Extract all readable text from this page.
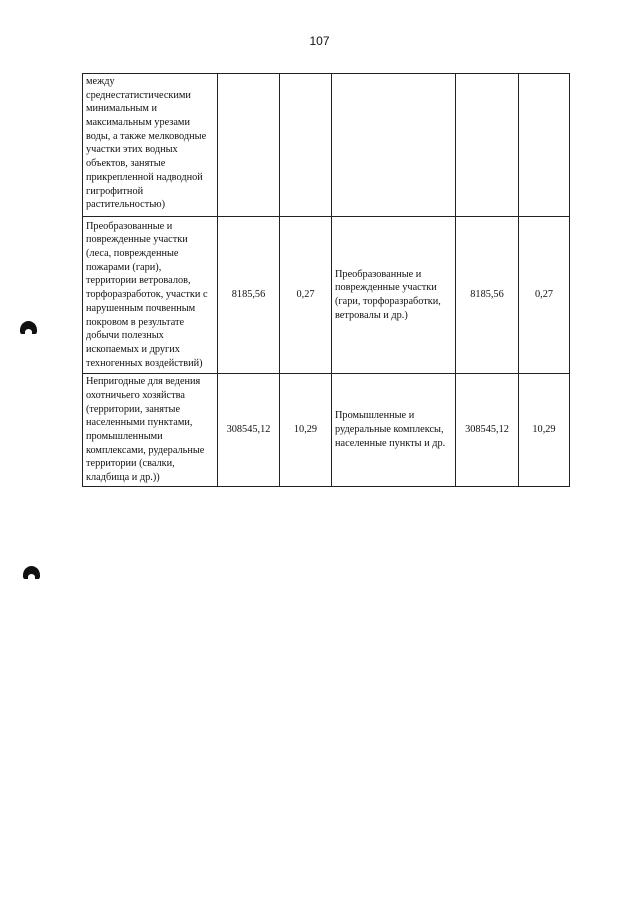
107
между среднестатистическими минимальным и максимальным урезами воды, а также мелководные участки этих водных объектов, занятые прикрепленной надводной гигрофитной растительностью)					
Преобразованные и поврежденные участки (леса, поврежденные пожарами (гари), территории ветровалов, торфоразработок, участки с нарушенным почвенным покровом в результате добычи полезных ископаемых и других техногенных воздействий)	8185,56	0,27	Преобразованные и поврежденные участки (гари, торфоразработки, ветровалы и др.)	8185,56	0,27
Непригодные для ведения охотничьего хозяйства (территории, занятые населенными пунктами, промышленными комплексами, рудеральные территории (свалки, кладбища и др.))	308545,12	10,29	Промышленные и рудеральные комплексы, населенные пункты и др.	308545,12	10,29
